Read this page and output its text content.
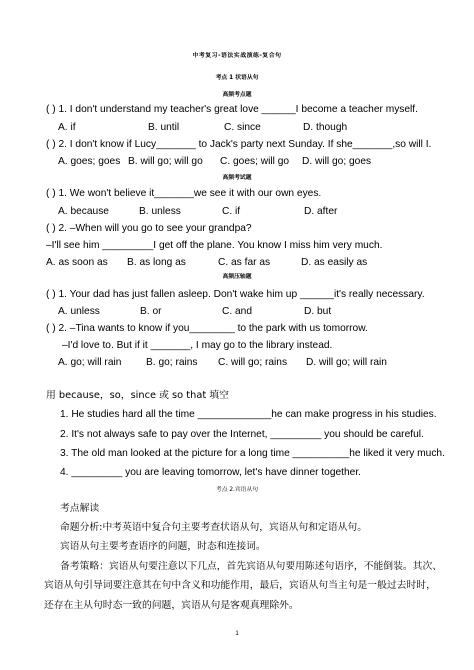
中考复习-语法实战演练-复合句
考点 1 状语从句
高频考点题
( ) 1. I don't understand my teacher's great love ______I become a teacher myself.
A. if	B. until	C. since	D. though
( ) 2. I don't know if Lucy_______ to Jack's party next Sunday. If she_______,so will I.
A. goes; goes B. will go; will go C. goes; will go D. will go; goes
高频考试题
( ) 1. We won't believe it_______we see it with our own eyes.
A. because	B. unless	C. if	D. after
( ) 2. –When will you go to see your grandpa?
–I'll see him _________I get off the plane. You know I miss him very much.
A. as soon as B. as long as	C. as far as	D. as easily as
高频压轴题
( ) 1. Your dad has just fallen asleep. Don't wake him up ______it's really necessary.
A. unless	B. or	C. and	D. but
( ) 2. –Tina wants to know if you________ to the park with us tomorrow.
–I'd love to. But if it _______, I may go to the library instead.
A. go; will rain B. go; rains C. will go; rains D. will go; will rain
用 because，so，since 或 so that 填空
1. He studies hard all the time _____________he can make progress in his studies.
2. It's not always safe to pay over the Internet, _________ you should be careful.
3. The old man looked at the picture for a long time __________he liked it very much.
4. _________ you are leaving tomorrow, let's have dinner together.
考点 2.宾语从句
考点解读
命题分析:中考英语中复合句主要考查状语从句，宾语从句和定语从句。
宾语从句主要考查语序的问题，时态和连接词。
备考策略：宾语从句要注意以下几点，首先宾语从句要用陈述句语序，不能倒装。其次、
宾语从句引导词要注意其在句中含义和功能作用，最后，宾语从句当主句是一般过去时时，
还存在主从句时态一致的问题，宾语从句是客观真理除外。
1
